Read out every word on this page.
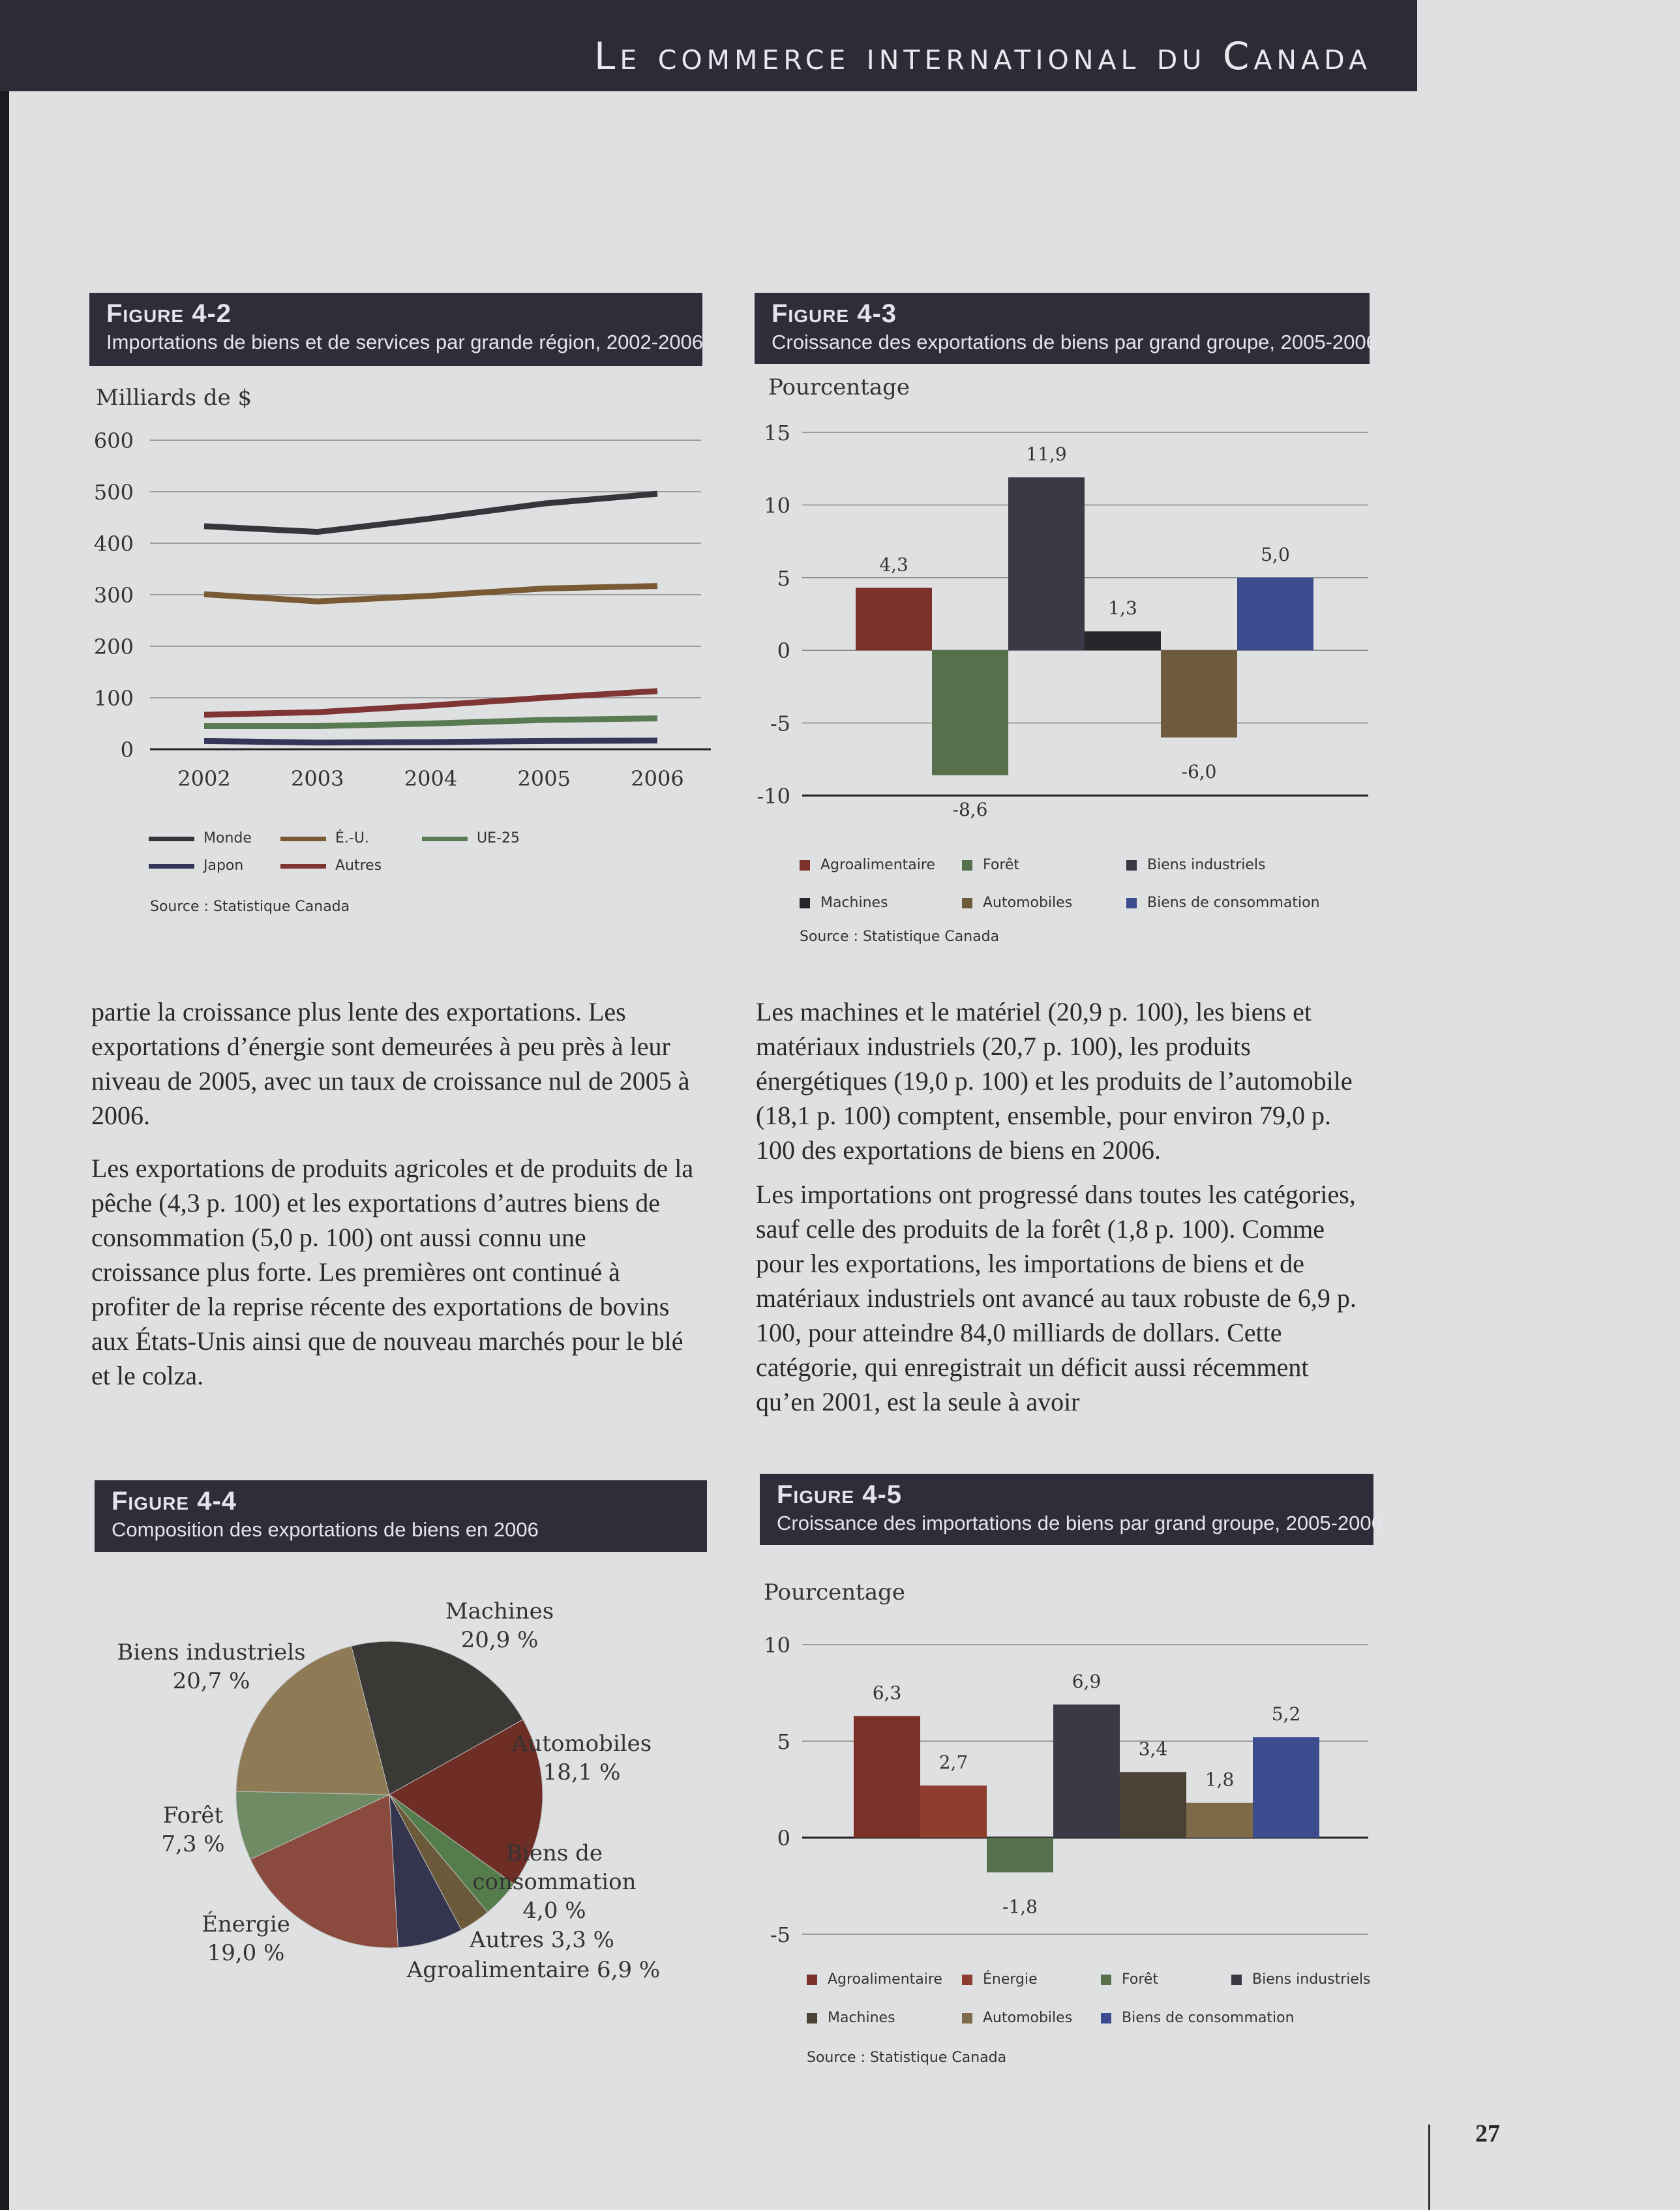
Le commerce international du Canada
Figure 4-2
Importations de biens et de services par grande région, 2002-2006
Milliards de $
600
500
400
300
200
100
0
2002	2003	2004	2005	2006
Monde	É.-U.	UE-25
Japon	Autres
Source : Statistique Canada
Figure 4-3
Croissance des exportations de biens par grand groupe, 2005-2006
Pourcentage
15
10
5
0
-5
-10
4,3
-8,6
11,9
1,3
-6,0
5,0
Agroalimentaire	Forêt	Biens industriels
Machines	Automobiles	Biens de consommation
Source : Statistique Canada

partie la croissance plus lente des exportations. Les exportations d’énergie sont demeurées à peu près à leur niveau de 2005, avec un taux de croissance nul de 2005 à 2006.

Les exportations de produits agricoles et de produits de la pêche (4,3 p. 100) et les exportations d’autres biens de consommation (5,0 p. 100) ont aussi connu une croissance plus forte. Les premières ont continué à profiter de la reprise récente des exportations de bovins aux États-Unis ainsi que de nouveau marchés pour le blé et le colza.

Les machines et le matériel (20,9 p. 100), les biens et matériaux industriels (20,7 p. 100), les produits énergétiques (19,0 p. 100) et les produits de l’automobile (18,1 p. 100) comptent, ensemble, pour environ 79,0 p. 100 des exportations de biens en 2006.

Les importations ont progressé dans toutes les catégories, sauf celle des produits de la forêt (1,8 p. 100). Comme pour les exportations, les importations de biens et de matériaux industriels ont avancé au taux robuste de 6,9 p. 100, pour atteindre 84,0 milliards de dollars. Cette catégorie, qui enregistrait un déficit aussi récemment qu’en 2001, est la seule à avoir

Figure 4-4
Composition des exportations de biens en 2006
Machines
20,9 %
Automobiles
18,1 %
Biens de
consommation
4,0 %
Autres 3,3 %
Agroalimentaire 6,9 %
Énergie
19,0 %
Forêt
7,3 %
Biens industriels
20,7 %
Figure 4-5
Croissance des importations de biens par grand groupe, 2005-2006
Pourcentage
10
5
0
-5
6,3
2,7
-1,8
6,9
3,4
1,8
5,2
Agroalimentaire	Énergie	Forêt	Biens industriels
Machines	Automobiles	Biens de consommation
Source : Statistique Canada
27
